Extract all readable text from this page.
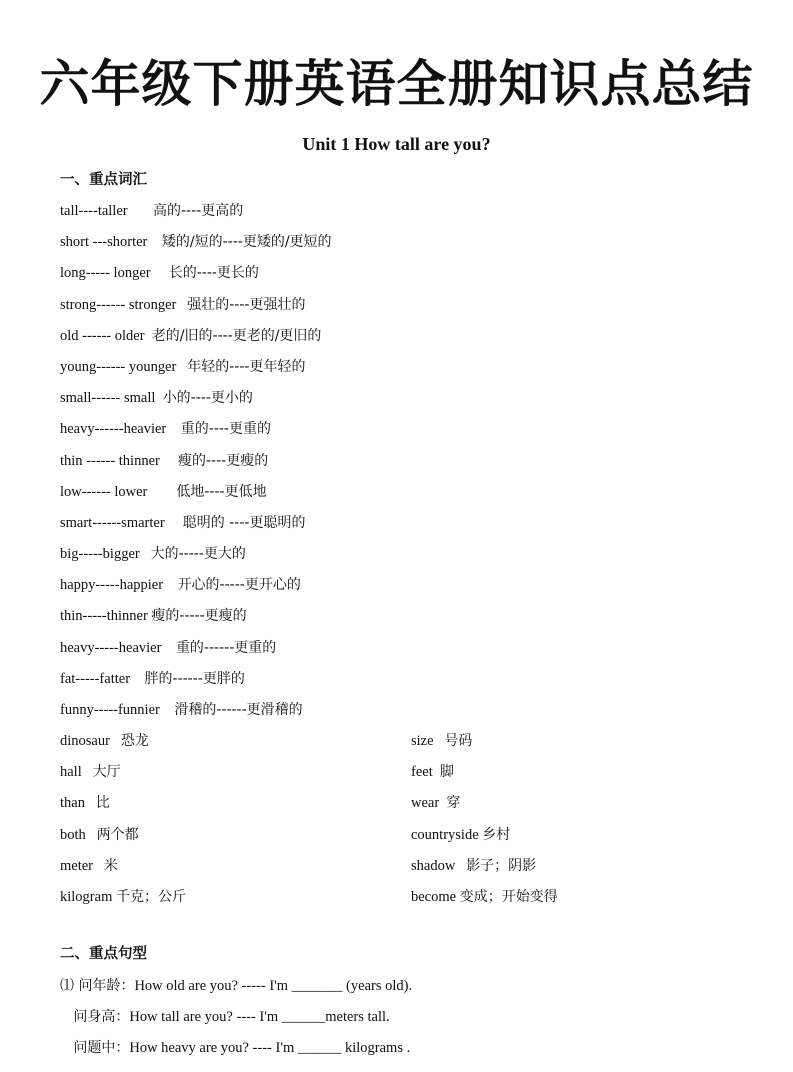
六年级下册英语全册知识点总结
Unit 1 How tall are you?
一、重点词汇
tall----taller 高的----更高的
short ---shorter 矮的/短的----更矮的/更短的
long----- longer 长的----更长的
strong------ stronger 强壮的----更强壮的
old ------ older 老的/旧的----更老的/更旧的
young------ younger 年轻的----更年轻的
small------ small 小的----更小的
heavy------heavier 重的----更重的
thin ------ thinner 瘦的----更瘦的
low------ lower 低地----更低地
smart------smarter 聪明的 ----更聪明的
big-----bigger 大的-----更大的
happy-----happier 开心的-----更开心的
thin-----thinner 瘦的-----更瘦的
heavy-----heavier 重的------更重的
fat-----fatter 胖的------更胖的
funny-----funnier 滑稽的------更滑稽的
dinosaur 恐龙
hall 大厅
than 比
both 两个都
meter 米
kilogram 千克；公斤
size 号码
feet 脚
wear 穿
countryside 乡村
shadow 影子；阴影
become 变成；开始变得
二、重点句型
⑴ 问年龄：How old are you? ----- I'm _______ (years old).
问身高：How tall are you? ---- I'm ______meters tall.
问题中：How heavy are you? ---- I'm ______ kilograms .
